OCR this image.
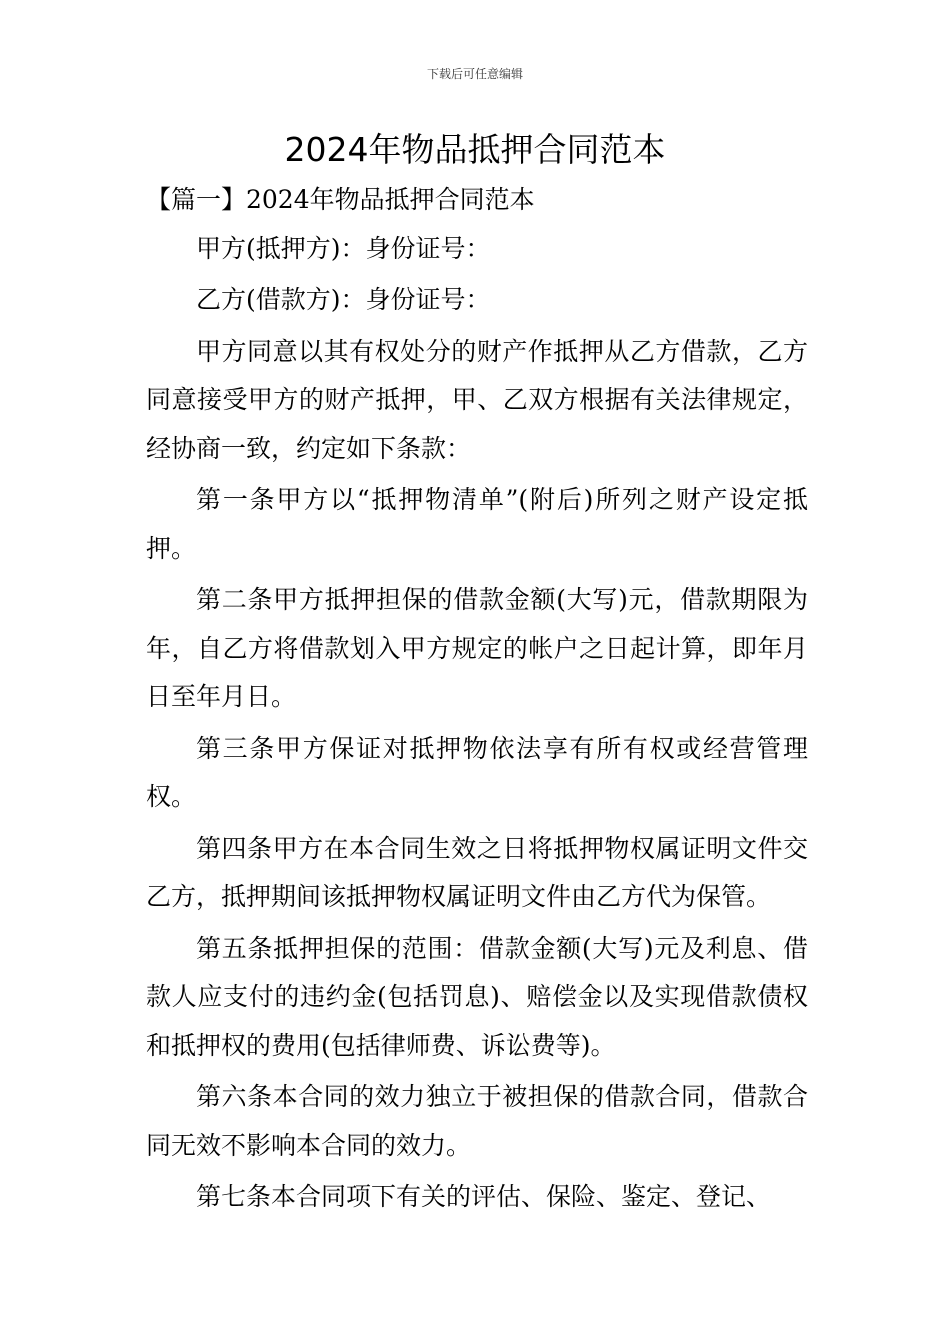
下载后可任意编辑
2024年物品抵押合同范本

【篇一】2024年物品抵押合同范本

甲方(抵押方)：身份证号：

乙方(借款方)：身份证号：

甲方同意以其有权处分的财产作抵押从乙方借款，乙方同意接受甲方的财产抵押，甲、乙双方根据有关法律规定，经协商一致，约定如下条款：

第一条甲方以“抵押物清单”(附后)所列之财产设定抵押。

第二条甲方抵押担保的借款金额(大写)元，借款期限为年，自乙方将借款划入甲方规定的帐户之日起计算，即年月日至年月日。

第三条甲方保证对抵押物依法享有所有权或经营管理权。

第四条甲方在本合同生效之日将抵押物权属证明文件交乙方，抵押期间该抵押物权属证明文件由乙方代为保管。

第五条抵押担保的范围：借款金额(大写)元及利息、借款人应支付的违约金(包括罚息)、赔偿金以及实现借款债权和抵押权的费用(包括律师费、诉讼费等)。

第六条本合同的效力独立于被担保的借款合同，借款合同无效不影响本合同的效力。

第七条本合同项下有关的评估、保险、鉴定、登记、
